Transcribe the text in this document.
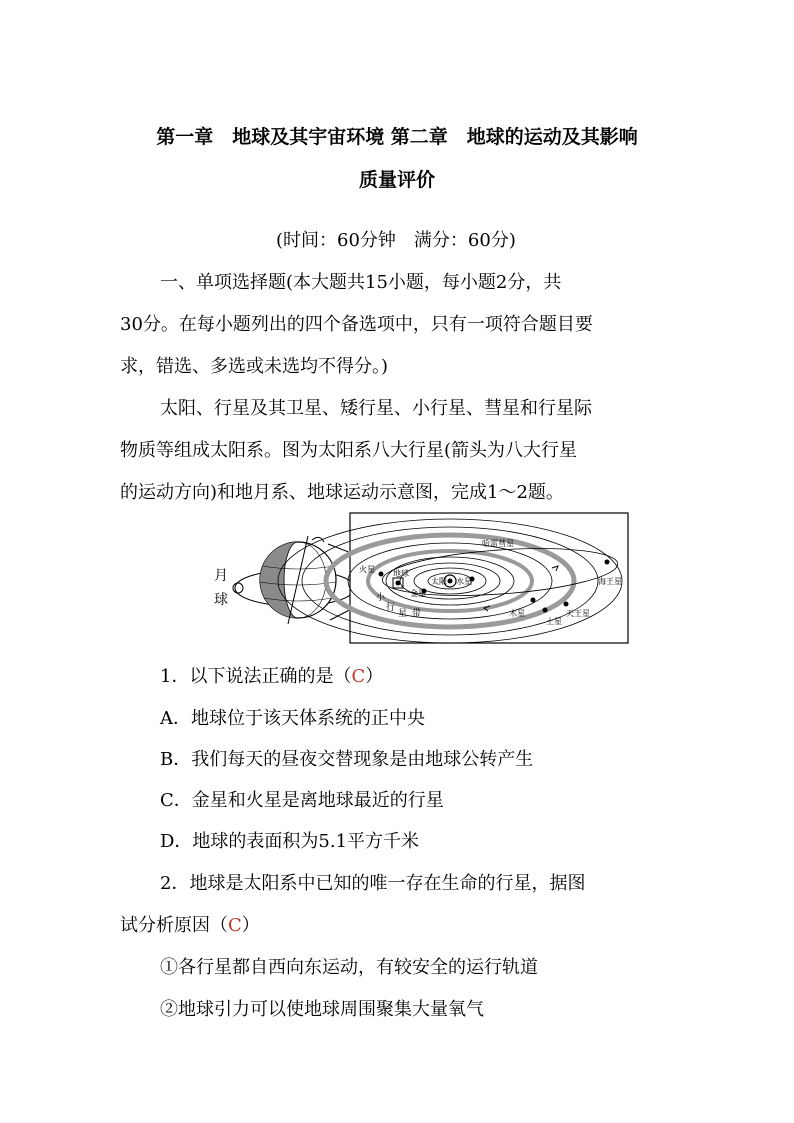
第一章　地球及其宇宙环境 第二章　地球的运动及其影响
质量评价
(时间：60分钟　满分：60分)
一、单项选择题(本大题共15小题，每小题2分，共
30分。在每小题列出的四个备选项中，只有一项符合题目要
求，错选、多选或未选均不得分。)
太阳、行星及其卫星、矮行星、小行星、彗星和行星际
物质等组成太阳系。图为太阳系八大行星(箭头为八大行星
的运动方向)和地月系、地球运动示意图，完成1～2题。
月
球
水星
太阳
金星
地球
火星
木星
土星
天王星
海王星
哈雷彗星
小
行
星 带
1．以下说法正确的是（C）
A．地球位于该天体系统的正中央
B．我们每天的昼夜交替现象是由地球公转产生
C．金星和火星是离地球最近的行星
D．地球的表面积为5.1平方千米
2．地球是太阳系中已知的唯一存在生命的行星，据图
试分析原因（C）
①各行星都自西向东运动，有较安全的运行轨道
②地球引力可以使地球周围聚集大量氧气
